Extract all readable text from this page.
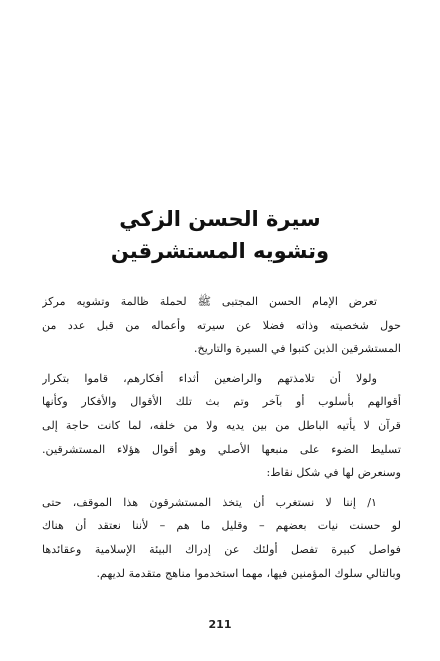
سيرة الحسن الزكي
وتشويه المستشرقين
تعرض الإمام الحسن المجتبى ﷺ لحملة ظالمة وتشويه مركز
حول شخصيته وذاته فضلا عن سيرته وأعماله من قبل عدد من
المستشرقين الذين كتبوا في السيرة والتاريخ.
ولولا أن تلامذتهم والراضعين أثداء أفكارهم، قاموا بتكرار
أقوالهم بأسلوب أو بآخر وتم بث تلك الأقوال والأفكار وكأنها
قرآن لا يأتيه الباطل من بين يديه ولا من خلفه، لما كانت حاجة إلى
تسليط الضوء على منبعها الأصلي وهو أقوال هؤلاء المستشرقين.
وسنعرض لها في شكل نقاط:
١/ إننا لا نستغرب أن يتخذ المستشرقون هذا الموقف، حتى
لو حسنت نيات بعضهم – وقليل ما هم – لأننا نعتقد أن هناك
فواصل كبيرة تفصل أولئك عن إدراك البيئة الإسلامية وعقائدها
وبالتالي سلوك المؤمنين فيها، مهما استخدموا مناهج متقدمة لديهم.
211
